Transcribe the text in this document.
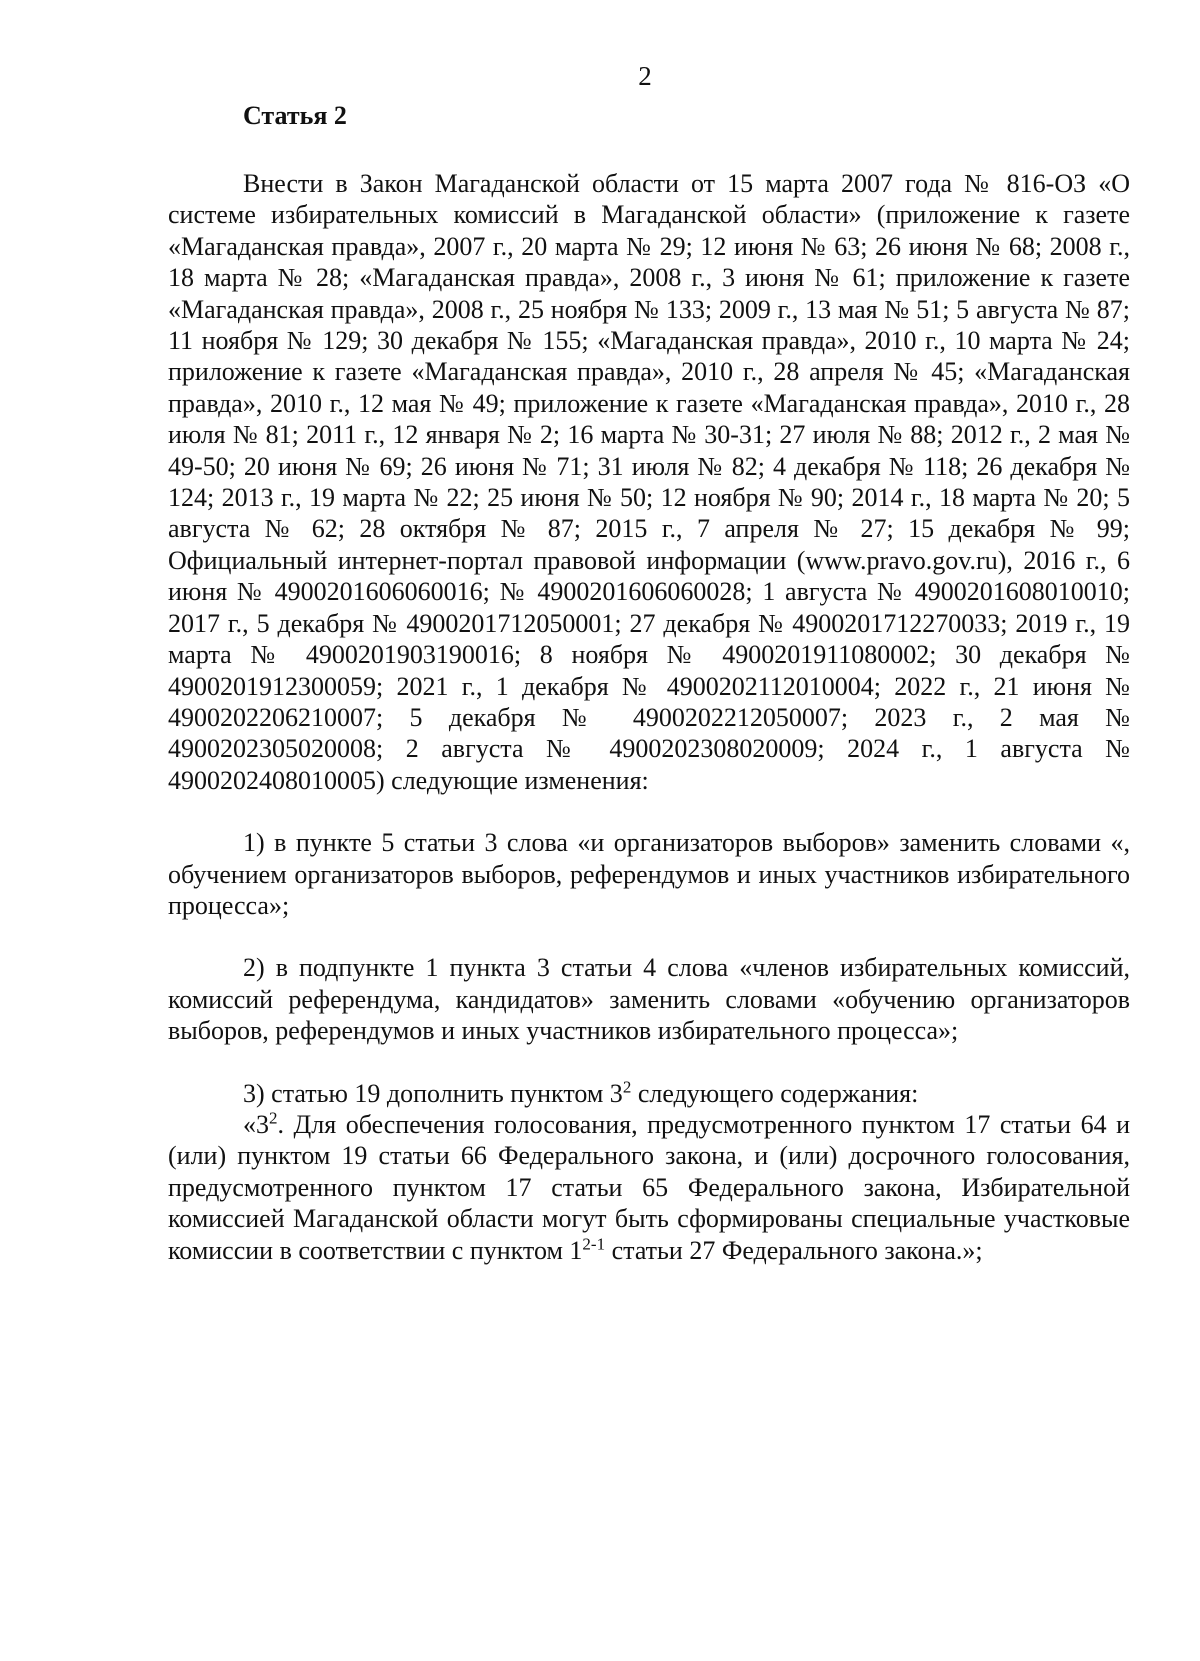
2
Статья 2

Внести в Закон Магаданской области от 15 марта 2007 года № 816-ОЗ «О системе избирательных комиссий в Магаданской области» (приложение к газете «Магаданская правда», 2007 г., 20 марта № 29; 12 июня № 63; 26 июня № 68; 2008 г., 18 марта № 28; «Магаданская правда», 2008 г., 3 июня № 61; приложение к газете «Магаданская правда», 2008 г., 25 ноября № 133; 2009 г., 13 мая № 51; 5 августа № 87; 11 ноября № 129; 30 декабря № 155; «Магаданская правда», 2010 г., 10 марта № 24; приложение к газете «Магаданская правда», 2010 г., 28 апреля № 45; «Магаданская правда», 2010 г., 12 мая № 49; приложение к газете «Магаданская правда», 2010 г., 28 июля № 81; 2011 г., 12 января № 2; 16 марта № 30-31; 27 июля № 88; 2012 г., 2 мая № 49-50; 20 июня № 69; 26 июня № 71; 31 июля № 82; 4 декабря № 118; 26 декабря № 124; 2013 г., 19 марта № 22; 25 июня № 50; 12 ноября № 90; 2014 г., 18 марта № 20; 5 августа № 62; 28 октября № 87; 2015 г., 7 апреля № 27; 15 декабря № 99; Официальный интернет-портал правовой информации (www.pravo.gov.ru), 2016 г., 6 июня № 4900201606060016; № 4900201606060028; 1 августа № 4900201608010010; 2017 г., 5 декабря № 4900201712050001; 27 декабря № 4900201712270033; 2019 г., 19 марта № 4900201903190016; 8 ноября № 4900201911080002; 30 декабря № 4900201912300059; 2021 г., 1 декабря № 4900202112010004; 2022 г., 21 июня № 4900202206210007; 5 декабря № 4900202212050007; 2023 г., 2 мая № 4900202305020008; 2 августа № 4900202308020009; 2024 г., 1 августа № 4900202408010005) следующие изменения:

1) в пункте 5 статьи 3 слова «и организаторов выборов» заменить словами «, обучением организаторов выборов, референдумов и иных участников избирательного процесса»;

2) в подпункте 1 пункта 3 статьи 4 слова «членов избирательных комиссий, комиссий референдума, кандидатов» заменить словами «обучению организаторов выборов, референдумов и иных участников избирательного процесса»;

3) статью 19 дополнить пунктом $3^2$ следующего содержания:

«$3^2$. Для обеспечения голосования, предусмотренного пунктом 17 статьи 64 и (или) пунктом 19 статьи 66 Федерального закона, и (или) досрочного голосования, предусмотренного пунктом 17 статьи 65 Федерального закона, Избирательной комиссией Магаданской области могут быть сформированы специальные участковые комиссии в соответствии с пунктом 1$^{2-1}$ статьи 27 Федерального закона.»;
